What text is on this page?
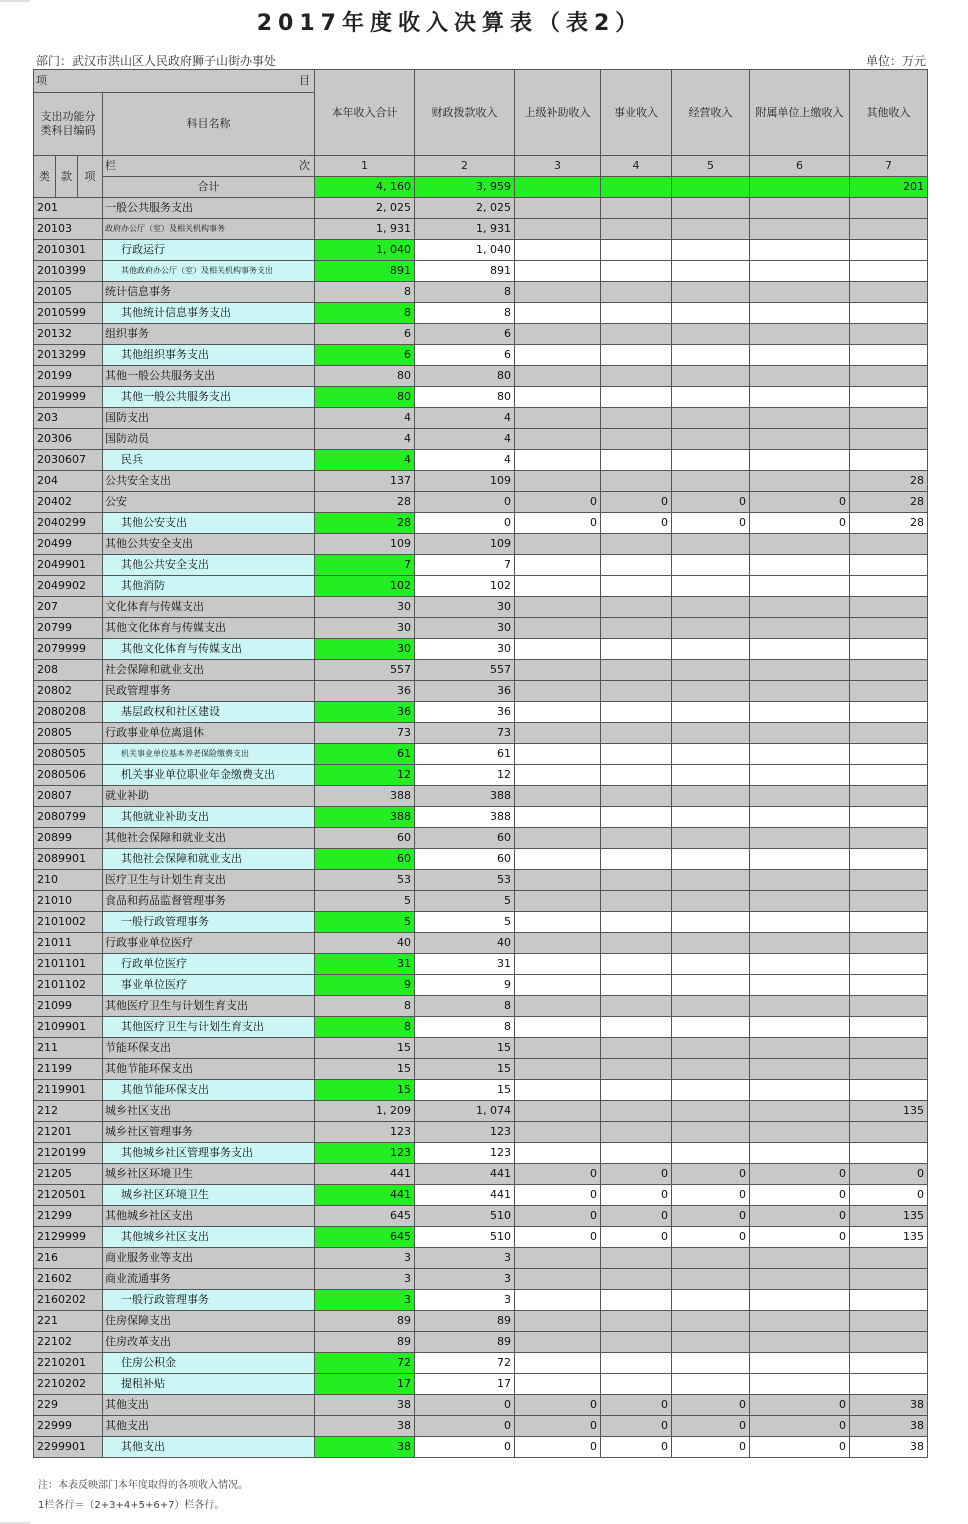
2017年度收入决算表（表2）
部门：武汉市洪山区人民政府狮子山街办事处	单位：万元
项 目				本年收入合计	财政拨款收入	上级补助收入	事业收入	经营收入	附属单位上缴收入	其他收入
支出功能分类科目编码			科目名称							
类	款	项	栏 次	1	2	3	4	5	6	7
			合计	4, 160	3, 959					201
201			一般公共服务支出	2, 025	2, 025					
20103			政府办公厅（室）及相关机构事务	1, 931	1, 931					
2010301			行政运行	1, 040	1, 040					
2010399			其他政府办公厅（室）及相关机构事务支出	891	891					
20105			统计信息事务	8	8					
2010599			其他统计信息事务支出	8	8					
20132			组织事务	6	6					
2013299			其他组织事务支出	6	6					
20199			其他一般公共服务支出	80	80					
2019999			其他一般公共服务支出	80	80					
203			国防支出	4	4					
20306			国防动员	4	4					
2030607			民兵	4	4					
204			公共安全支出	137	109					28
20402			公安	28	0	0	0	0	0	28
2040299			其他公安支出	28	0	0	0	0	0	28
20499			其他公共安全支出	109	109					
2049901			其他公共安全支出	7	7					
2049902			其他消防	102	102					
207			文化体育与传媒支出	30	30					
20799			其他文化体育与传媒支出	30	30					
2079999			其他文化体育与传媒支出	30	30					
208			社会保障和就业支出	557	557					
20802			民政管理事务	36	36					
2080208			基层政权和社区建设	36	36					
20805			行政事业单位离退休	73	73					
2080505			机关事业单位基本养老保险缴费支出	61	61					
2080506			机关事业单位职业年金缴费支出	12	12					
20807			就业补助	388	388					
2080799			其他就业补助支出	388	388					
20899			其他社会保障和就业支出	60	60					
2089901			其他社会保障和就业支出	60	60					
210			医疗卫生与计划生育支出	53	53					
21010			食品和药品监督管理事务	5	5					
2101002			一般行政管理事务	5	5					
21011			行政事业单位医疗	40	40					
2101101			行政单位医疗	31	31					
2101102			事业单位医疗	9	9					
21099			其他医疗卫生与计划生育支出	8	8					
2109901			其他医疗卫生与计划生育支出	8	8					
211			节能环保支出	15	15					
21199			其他节能环保支出	15	15					
2119901			其他节能环保支出	15	15					
212			城乡社区支出	1, 209	1, 074					135
21201			城乡社区管理事务	123	123					
2120199			其他城乡社区管理事务支出	123	123					
21205			城乡社区环境卫生	441	441	0	0	0	0	0
2120501			城乡社区环境卫生	441	441	0	0	0	0	0
21299			其他城乡社区支出	645	510	0	0	0	0	135
2129999			其他城乡社区支出	645	510	0	0	0	0	135
216			商业服务业等支出	3	3					
21602			商业流通事务	3	3					
2160202			一般行政管理事务	3	3					
221			住房保障支出	89	89					
22102			住房改革支出	89	89					
2210201			住房公积金	72	72					
2210202			提租补贴	17	17					
229			其他支出	38	0	0	0	0	0	38
22999			其他支出	38	0	0	0	0	0	38
2299901			其他支出	38	0	0	0	0	0	38
注：本表反映部门本年度取得的各项收入情况。
1栏各行＝（2+3+4+5+6+7）栏各行。
